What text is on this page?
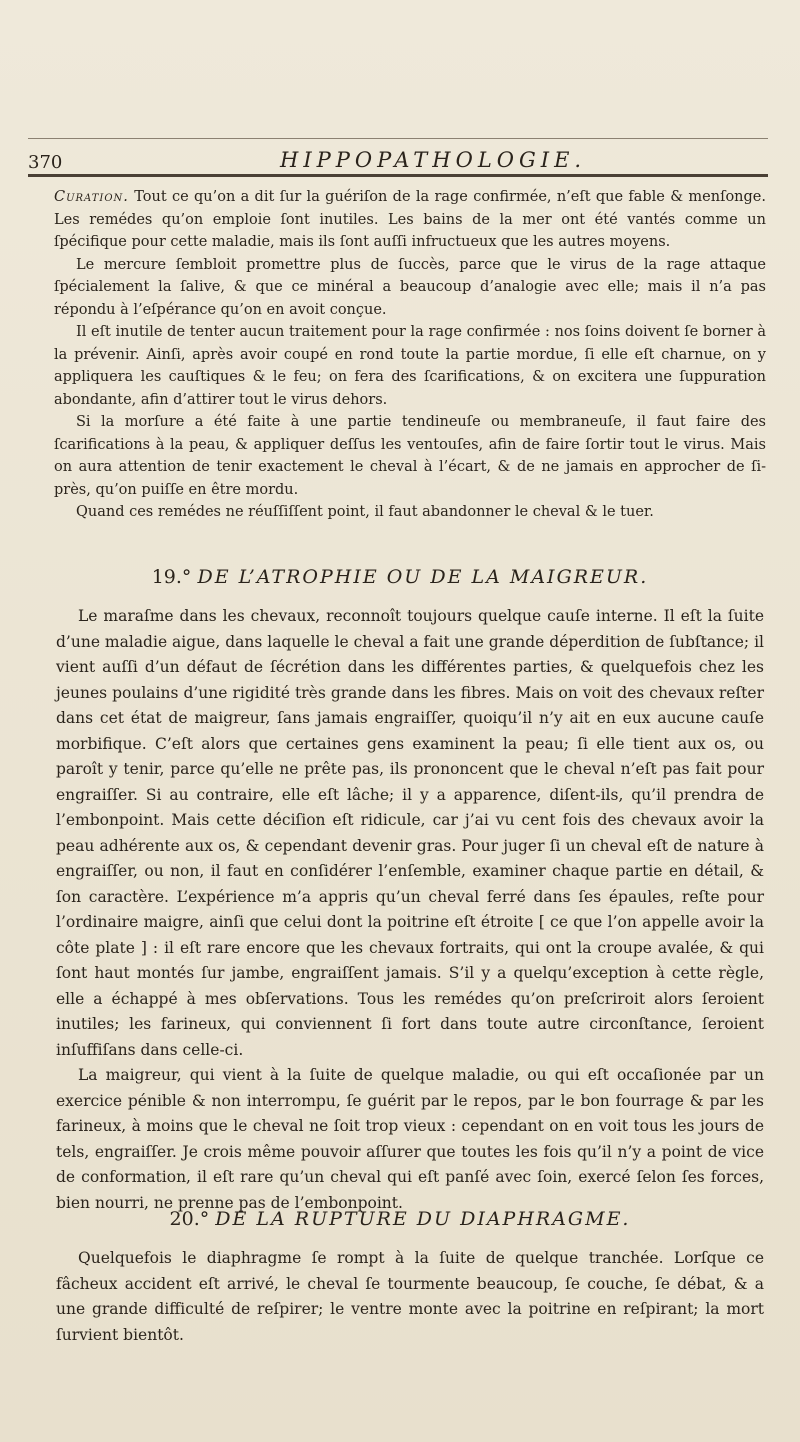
370	HIPPOPATHOLOGIE.

Curation. Tout ce qu’on a dit ſur la guériſon de la rage confirmée, n’eſt que fable & menſonge. Les remédes qu’on emploie ſont inutiles. Les bains de la mer ont été vantés comme un ſpécifique pour cette maladie, mais ils ſont auſſi infructueux que les autres moyens.

Le mercure ſembloit promettre plus de ſuccès, parce que le virus de la rage attaque ſpécialement la ſalive, & que ce minéral a beaucoup d’analogie avec elle; mais il n’a pas répondu à l’eſpérance qu’on en avoit conçue.

Il eſt inutile de tenter aucun traitement pour la rage confirmée : nos ſoins doivent ſe borner à la prévenir. Ainſi, après avoir coupé en rond toute la partie mordue, ſi elle eſt charnue, on y appliquera les cauſtiques & le feu; on fera des ſcarifications, & on excitera une ſuppuration abondante, afin d’attirer tout le virus dehors.

Si la morſure a été faite à une partie tendineuſe ou membraneuſe, il faut faire des ſcarifications à la peau, & appliquer deſſus les ventouſes, afin de faire ſortir tout le virus. Mais on aura attention de tenir exactement le cheval à l’écart, & de ne jamais en approcher de ſi-près, qu’on puiſſe en être mordu.

Quand ces remédes ne réuſſiſſent point, il faut abandonner le cheval & le tuer.

19.° DE L’ATROPHIE OU DE LA MAIGREUR.

Le maraſme dans les chevaux, reconnoît toujours quelque cauſe interne. Il eſt la ſuite d’une maladie aigue, dans laquelle le cheval a fait une grande déperdition de ſubſtance; il vient auſſi d’un défaut de ſécrétion dans les différentes parties, & quelquefois chez les jeunes poulains d’une rigidité très grande dans les fibres. Mais on voit des chevaux reſter dans cet état de maigreur, ſans jamais engraiſſer, quoiqu’il n’y ait en eux aucune cauſe morbifique. C’eſt alors que certaines gens examinent la peau; ſi elle tient aux os, ou paroît y tenir, parce qu’elle ne prête pas, ils prononcent que le cheval n’eſt pas fait pour engraiſſer. Si au contraire, elle eſt lâche; il y a apparence, diſent-ils, qu’il prendra de l’embonpoint. Mais cette déciſion eſt ridicule, car j’ai vu cent fois des chevaux avoir la peau adhérente aux os, & cependant devenir gras. Pour juger ſi un cheval eſt de nature à engraiſſer, ou non, il faut en conſidérer l’enſemble, examiner chaque partie en détail, & ſon caractère. L’expérience m’a appris qu’un cheval ferré dans ſes épaules, reſte pour l’ordinaire maigre, ainſi que celui dont la poitrine eſt étroite [ ce que l’on appelle avoir la côte plate ] : il eſt rare encore que les chevaux fortraits, qui ont la croupe avalée, & qui ſont haut montés ſur jambe, engraiſſent jamais. S’il y a quelqu’exception à cette règle, elle a échappé à mes obſervations. Tous les remédes qu’on preſcriroit alors ſeroient inutiles; les farineux, qui conviennent ſi fort dans toute autre circonſtance, ſeroient inſuffiſans dans celle-ci.

La maigreur, qui vient à la ſuite de quelque maladie, ou qui eſt occaſionée par un exercice pénible & non interrompu, ſe guérit par le repos, par le bon fourrage & par les farineux, à moins que le cheval ne ſoit trop vieux : cependant on en voit tous les jours de tels, engraiſſer. Je crois même pouvoir aſſurer que toutes les fois qu’il n’y a point de vice de conformation, il eſt rare qu’un cheval qui eſt panſé avec ſoin, exercé ſelon ſes forces, bien nourri, ne prenne pas de l’embonpoint.

20.° DE LA RUPTURE DU DIAPHRAGME.

Quelquefois le diaphragme ſe rompt à la ſuite de quelque tranchée. Lorſque ce fâcheux accident eſt arrivé, le cheval ſe tourmente beaucoup, ſe couche, ſe débat, & a une grande difficulté de reſpirer; le ventre monte avec la poitrine en reſpirant; la mort ſurvient bientôt.
